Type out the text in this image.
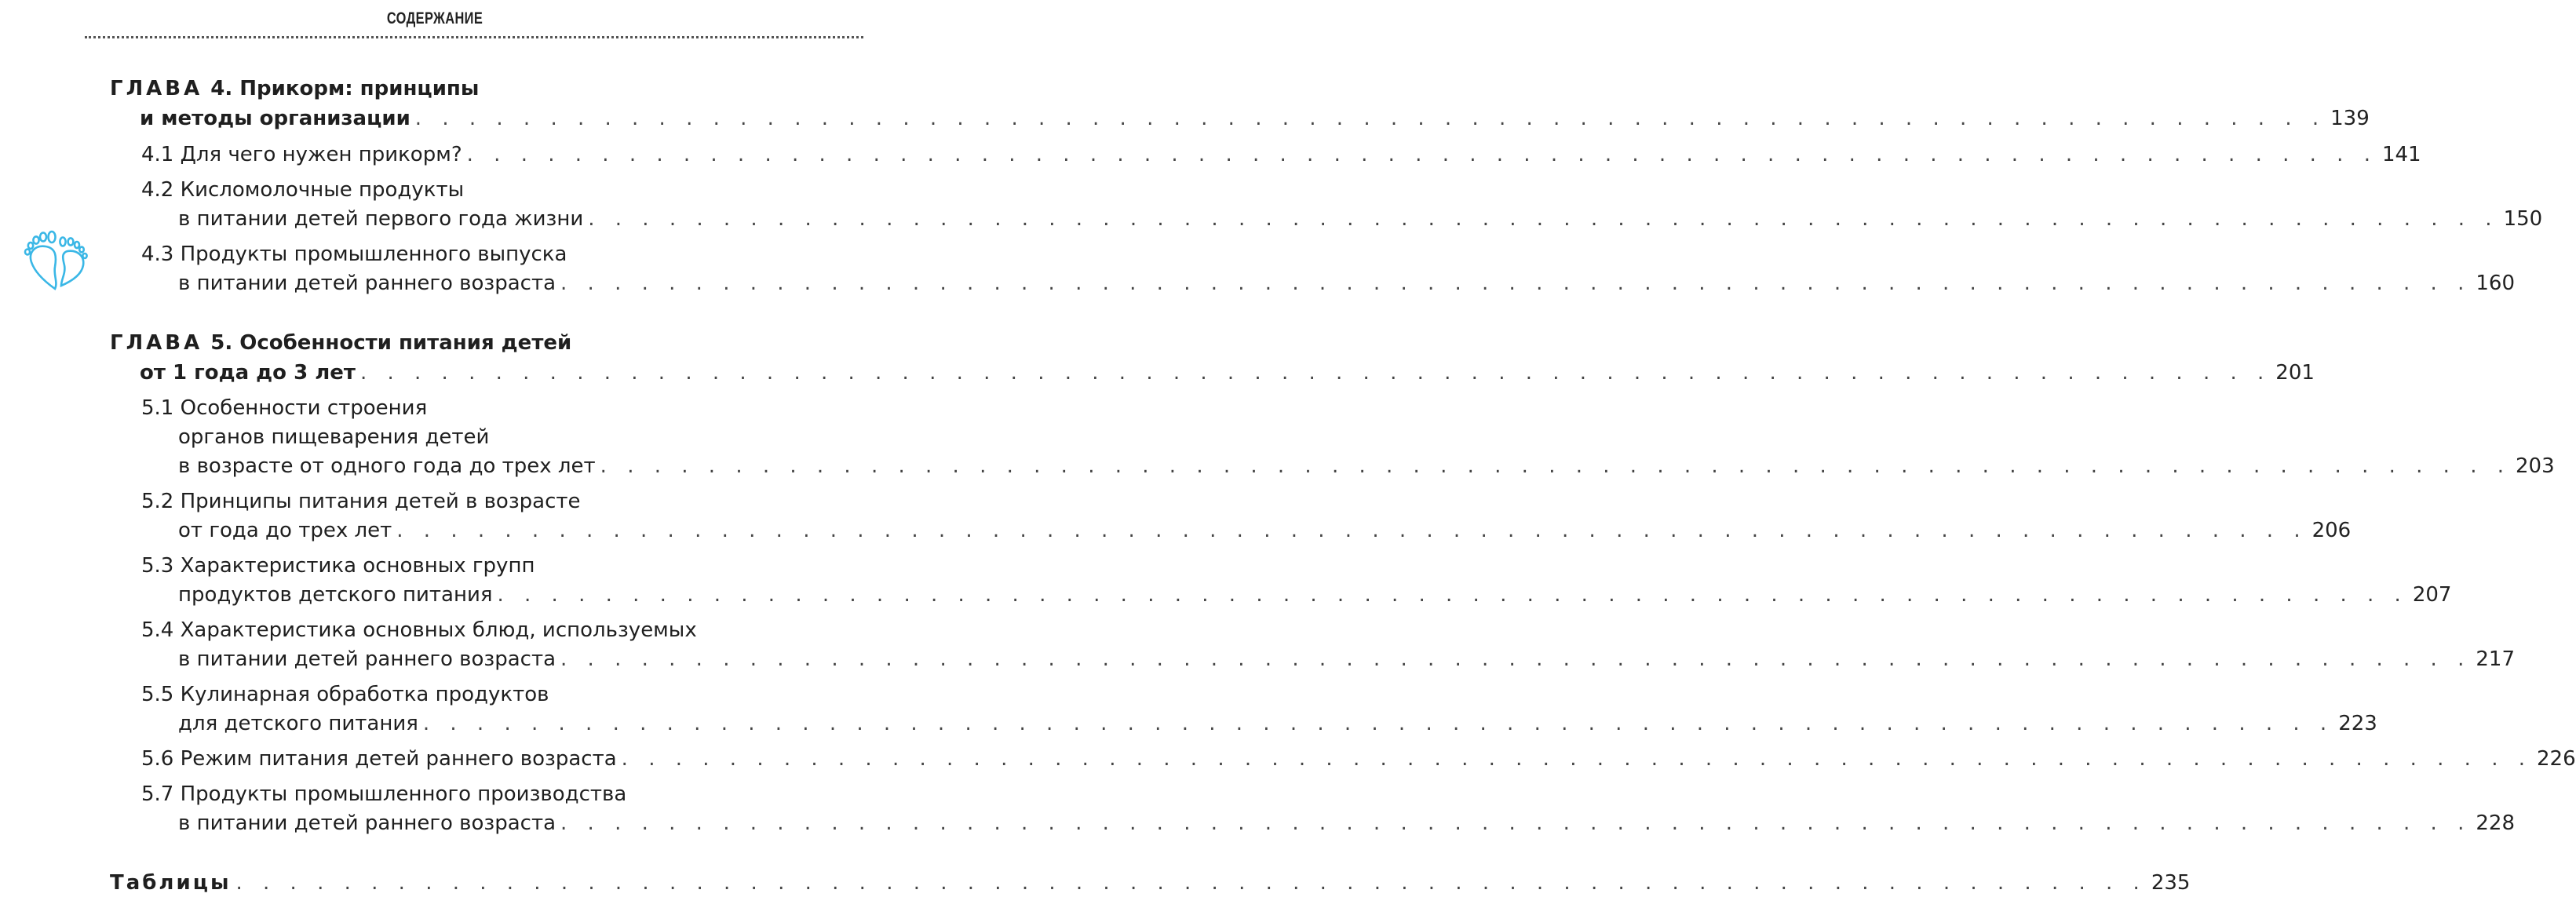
СОДЕРЖАНИЕ
ГЛАВА 4. Прикорм: принципы
и методы организации . . . . . . . . . . . . . . . . . . . . . . . . . . . . . . . . . . . . . . . . . . . . . . . . . . . . . . . . . . . . . . . . . . . . . . . 139
4.1 Для чего нужен прикорм? . . . . . . . . . . . . . . . . . . . . . . . . . . . . . . . . . . . . . . . . . . . . . . . . . . . . . . . . . . . . . . . . . . . . . . . 141
4.2 Кисломолочные продукты
в питании детей первого года жизни . . . . . . . . . . . . . . . . . . . . . . . . . . . . . . . . . . . . . . . . . . . . . . . . . . . . . . . . . . . . . . . . . . . . . . . 150
4.3 Продукты промышленного выпуска
в питании детей раннего возраста . . . . . . . . . . . . . . . . . . . . . . . . . . . . . . . . . . . . . . . . . . . . . . . . . . . . . . . . . . . . . . . . . . . . . . . 160
ГЛАВА 5. Особенности питания детей
от 1 года до 3 лет . . . . . . . . . . . . . . . . . . . . . . . . . . . . . . . . . . . . . . . . . . . . . . . . . . . . . . . . . . . . . . . . . . . . . . . 201
5.1 Особенности строения
органов пищеварения детей
в возрасте от одного года до трех лет . . . . . . . . . . . . . . . . . . . . . . . . . . . . . . . . . . . . . . . . . . . . . . . . . . . . . . . . . . . . . . . . . . . . . . . 203
5.2 Принципы питания детей в возрасте
от года до трех лет . . . . . . . . . . . . . . . . . . . . . . . . . . . . . . . . . . . . . . . . . . . . . . . . . . . . . . . . . . . . . . . . . . . . . . . 206
5.3 Характеристика основных групп
продуктов детского питания . . . . . . . . . . . . . . . . . . . . . . . . . . . . . . . . . . . . . . . . . . . . . . . . . . . . . . . . . . . . . . . . . . . . . . . 207
5.4 Характеристика основных блюд, используемых
в питании детей раннего возраста . . . . . . . . . . . . . . . . . . . . . . . . . . . . . . . . . . . . . . . . . . . . . . . . . . . . . . . . . . . . . . . . . . . . . . . 217
5.5 Кулинарная обработка продуктов
для детского питания . . . . . . . . . . . . . . . . . . . . . . . . . . . . . . . . . . . . . . . . . . . . . . . . . . . . . . . . . . . . . . . . . . . . . . . 223
5.6 Режим питания детей раннего возраста . . . . . . . . . . . . . . . . . . . . . . . . . . . . . . . . . . . . . . . . . . . . . . . . . . . . . . . . . . . . . . . . . . . . . . . 226
5.7 Продукты промышленного производства
в питании детей раннего возраста . . . . . . . . . . . . . . . . . . . . . . . . . . . . . . . . . . . . . . . . . . . . . . . . . . . . . . . . . . . . . . . . . . . . . . . 228
Таблицы . . . . . . . . . . . . . . . . . . . . . . . . . . . . . . . . . . . . . . . . . . . . . . . . . . . . . . . . . . . . . . . . . . . . . . . 235
